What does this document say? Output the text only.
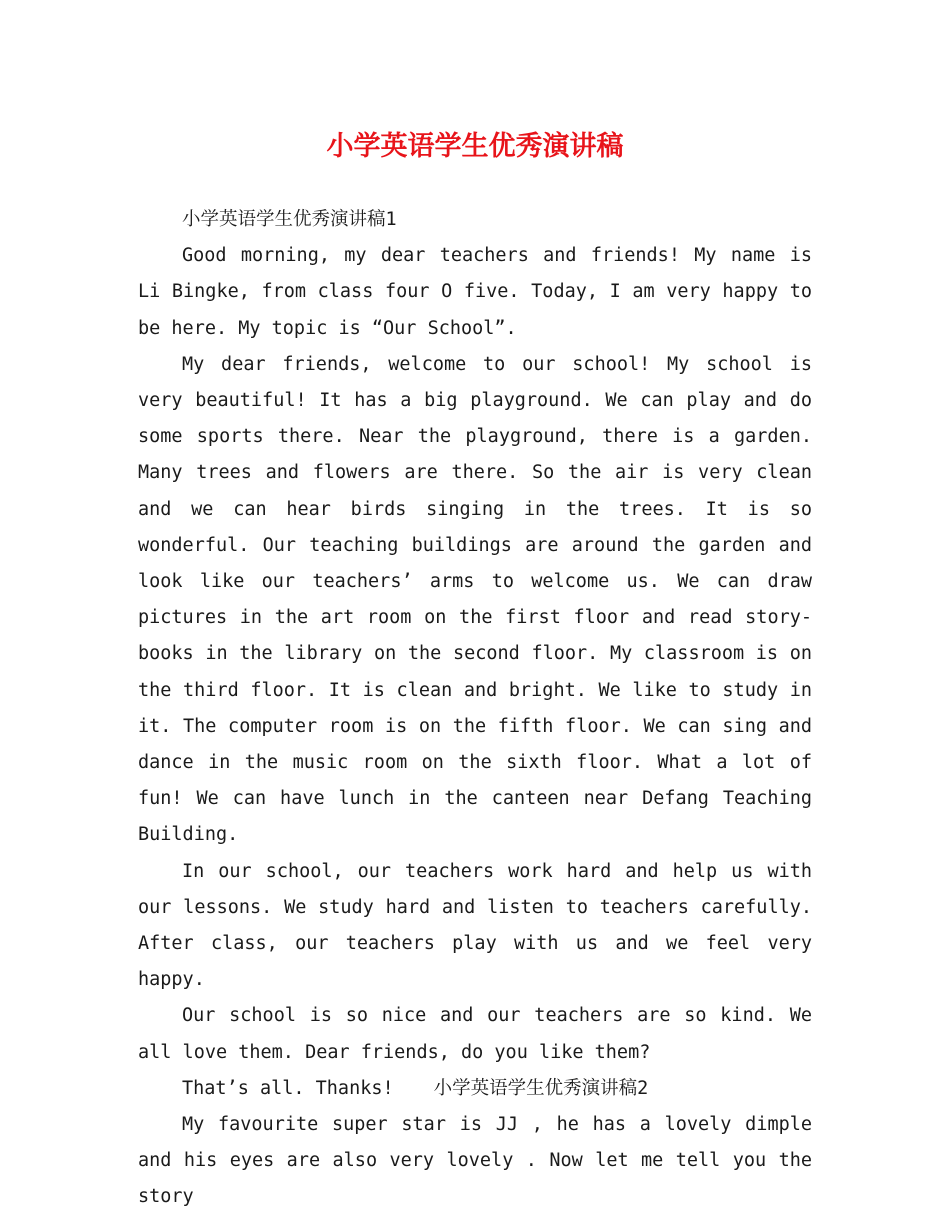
小学英语学生优秀演讲稿

小学英语学生优秀演讲稿1

Good morning, my dear teachers and friends! My name is Li Bingke, from class four O five. Today, I am very happy to be here. My topic is “Our School”.

My dear friends, welcome to our school! My school is very beautiful! It has a big playground. We can play and do some sports there. Near the playground, there is a garden. Many trees and flowers are there. So the air is very clean and we can hear birds singing in the trees. It is so wonderful. Our teaching buildings are around the garden and look like our teachers’ arms to welcome us. We can draw pictures in the art room on the first floor and read story-books in the library on the second floor. My classroom is on the third floor. It is clean and bright. We like to study in it. The computer room is on the fifth floor. We can sing and dance in the music room on the sixth floor. What a lot of fun! We can have lunch in the canteen near Defang Teaching Building.

In our school, our teachers work hard and help us with our lessons. We study hard and listen to teachers carefully. After class, our teachers play with us and we feel very happy.

Our school is so nice and our teachers are so kind. We all love them. Dear friends, do you like them?

That’s all. Thanks! 小学英语学生优秀演讲稿2

My favourite super star is JJ , he has a lovely dimple and his eyes are also very lovely . Now let me tell you the story
